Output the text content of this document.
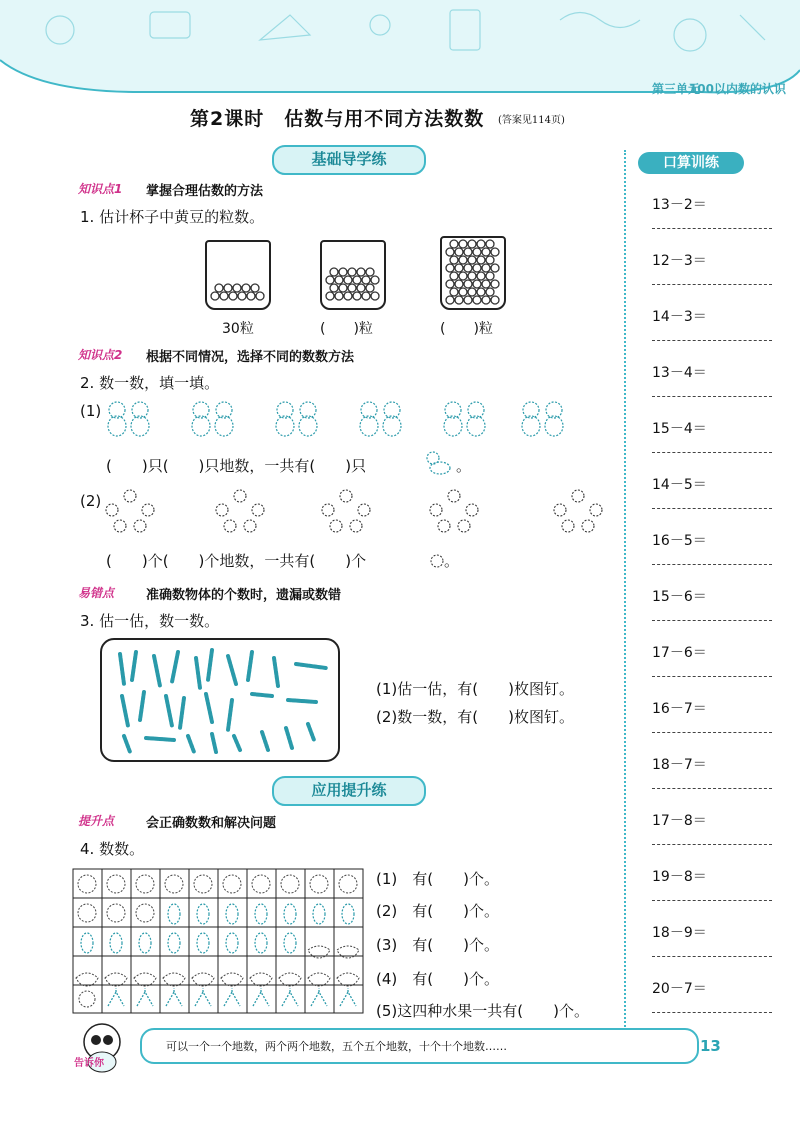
第三单元
100以内数的认识
第2课时　估数与用不同方法数数 (答案见114页)
基础导学练
知识点1 掌握合理估数的方法
1. 估计杯子中黄豆的粒数。
30粒	(　　)粒	(　　)粒
知识点2 根据不同情况，选择不同的数数方法
2. 数一数，填一填。
(1)
(　　)只(　　)只地数，一共有(　　)只	。
(2)
(　　)个(　　)个地数，一共有(　　)个	。
易错点 准确数物体的个数时，遗漏或数错
3. 估一估，数一数。
(1)估一估，有(　　)枚图钉。
(2)数一数，有(　　)枚图钉。
应用提升练
提升点 会正确数数和解决问题
4. 数数。
(1)　有(　　)个。
(2)　有(　　)个。
(3)　有(　　)个。
(4)　有(　　)个。
(5)这四种水果一共有(　　)个。
口算训练
13－2＝
12－3＝
14－3＝
13－4＝
15－4＝
14－5＝
16－5＝
15－6＝
17－6＝
16－7＝
18－7＝
17－8＝
19－8＝
18－9＝
20－7＝
告诉你
可以一个一个地数，两个两个地数，五个五个地数，十个十个地数……	13
